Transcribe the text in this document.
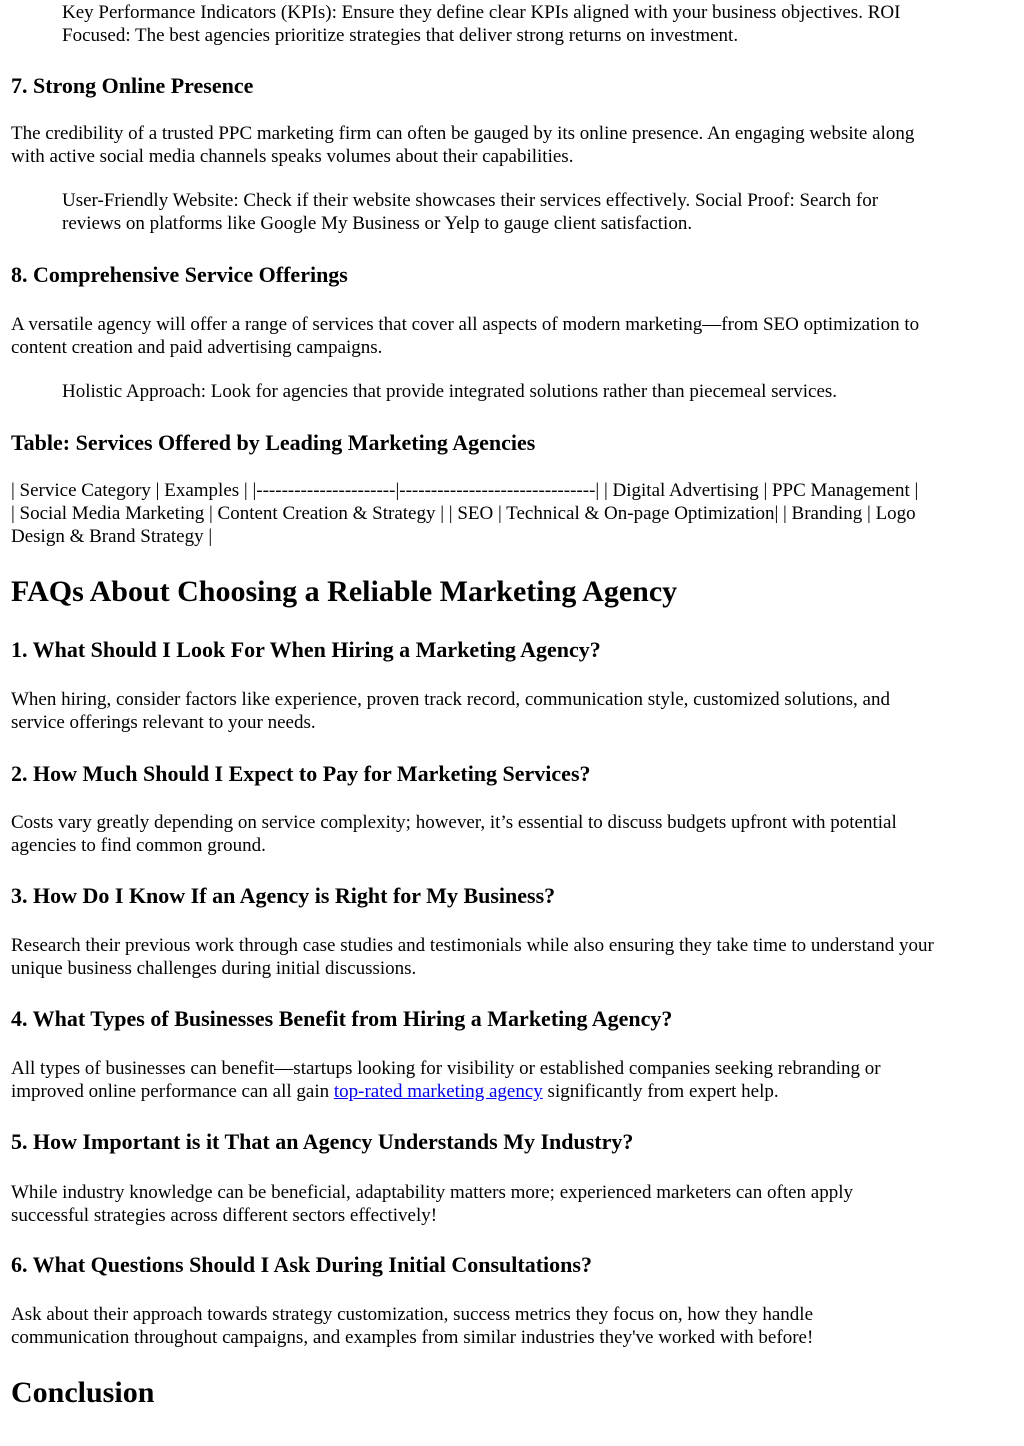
Key Performance Indicators (KPIs): Ensure they define clear KPIs aligned with your business objectives. ROI
Focused: The best agencies prioritize strategies that deliver strong returns on investment.
7. Strong Online Presence

The credibility of a trusted PPC marketing firm can often be gauged by its online presence. An engaging website along
with active social media channels speaks volumes about their capabilities.

User-Friendly Website: Check if their website showcases their services effectively. Social Proof: Search for
reviews on platforms like Google My Business or Yelp to gauge client satisfaction.
8. Comprehensive Service Offerings

A versatile agency will offer a range of services that cover all aspects of modern marketing—from SEO optimization to
content creation and paid advertising campaigns.

Holistic Approach: Look for agencies that provide integrated solutions rather than piecemeal services.
Table: Services Offered by Leading Marketing Agencies

| Service Category | Examples | |----------------------|-------------------------------| | Digital Advertising | PPC Management |
| Social Media Marketing | Content Creation & Strategy | | SEO | Technical & On-page Optimization| | Branding | Logo
Design & Brand Strategy |

FAQs About Choosing a Reliable Marketing Agency
1. What Should I Look For When Hiring a Marketing Agency?

When hiring, consider factors like experience, proven track record, communication style, customized solutions, and
service offerings relevant to your needs.

2. How Much Should I Expect to Pay for Marketing Services?

Costs vary greatly depending on service complexity; however, it’s essential to discuss budgets upfront with potential
agencies to find common ground.

3. How Do I Know If an Agency is Right for My Business?

Research their previous work through case studies and testimonials while also ensuring they take time to understand your
unique business challenges during initial discussions.

4. What Types of Businesses Benefit from Hiring a Marketing Agency?

All types of businesses can benefit—startups looking for visibility or established companies seeking rebranding or
improved online performance can all gain top-rated marketing agency significantly from expert help.

5. How Important is it That an Agency Understands My Industry?

While industry knowledge can be beneficial, adaptability matters more; experienced marketers can often apply
successful strategies across different sectors effectively!

6. What Questions Should I Ask During Initial Consultations?

Ask about their approach towards strategy customization, success metrics they focus on, how they handle
communication throughout campaigns, and examples from similar industries they've worked with before!

Conclusion
